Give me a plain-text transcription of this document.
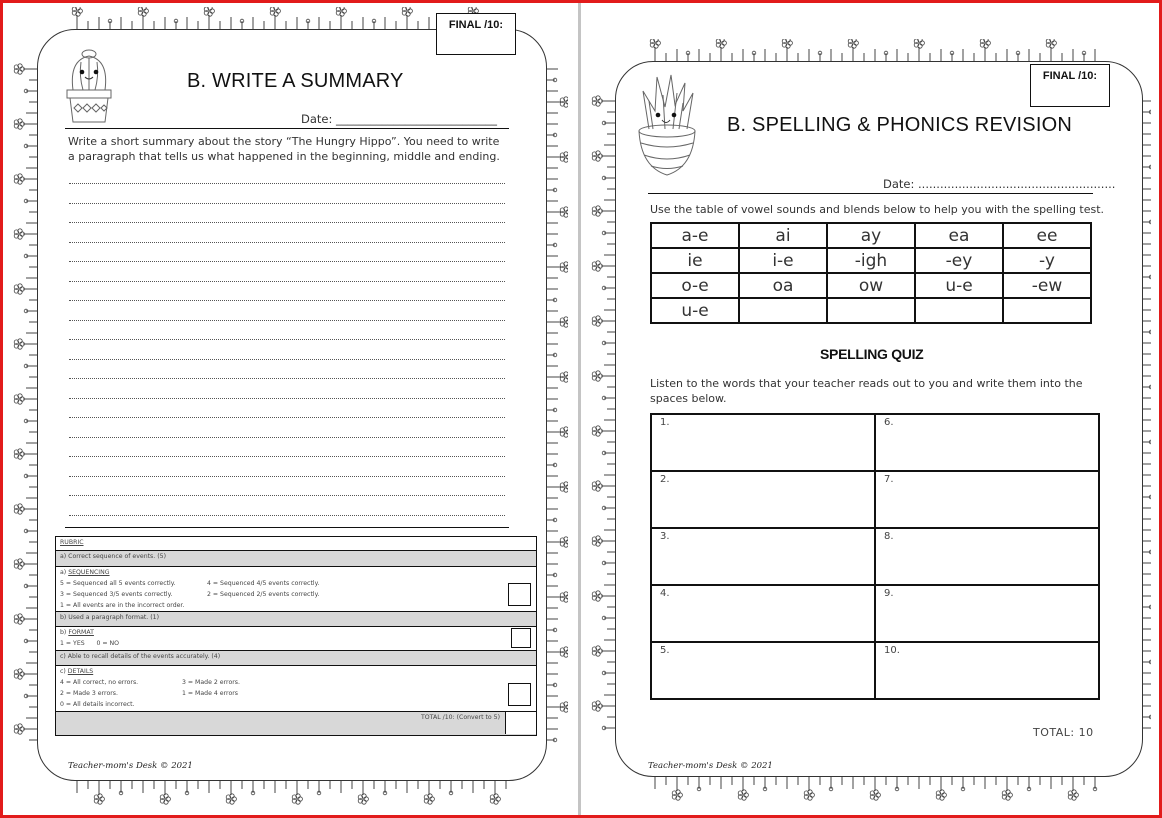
FINAL /10:
B. WRITE A SUMMARY
Date: ____________________________
Write a short summary about the story “The Hungry Hippo”. You need to write a paragraph that tells us what happened in the beginning, middle and ending.
RUBRIC
a) Correct sequence of events. (5)
a) SEQUENCING
5 = Sequenced all 5 events correctly.	4 = Sequenced 4/5 events correctly.
3 = Sequenced 3/5 events correctly.	2 = Sequenced 2/5 events correctly.
1 = All events are in the incorrect order.
b) Used a paragraph format. (1)
b) FORMAT
1 = YES      0 = NO
c) Able to recall details of the events accurately. (4)
c) DETAILS
4 = All correct, no errors.	3 = Made 2 errors.
2 = Made 3 errors.	1 = Made 4 errors
0 = All details incorrect.
TOTAL /10: (Convert to 5)
Teacher-mom's Desk © 2021
FINAL /10:
B. SPELLING & PHONICS REVISION
Date: ......................................................
Use the table of vowel sounds and blends below to help you with the spelling test.
a-e	ai	ay	ea	ee
ie	i-e	-igh	-ey	-y
o-e	oa	ow	u-e	-ew
u-e				
SPELLING QUIZ
Listen to the words that your teacher reads out to you and write them into the spaces below.
1.	6.
2.	7.
3.	8.
4.	9.
5.	10.
TOTAL: 10
Teacher-mom's Desk © 2021
